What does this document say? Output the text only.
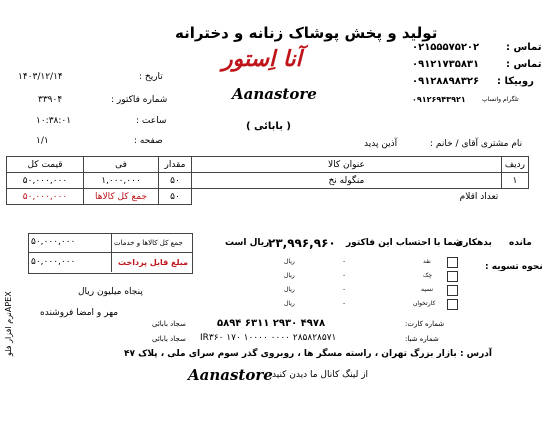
تولید و پخش پوشاک زنانه و دخترانه
آنا اِستور
Aanastore
( بابائی )
۰۲۱۵۵۵۷۵۲۰۲	تماس :
۰۹۱۲۱۷۳۵۸۳۱	تماس :
۰۹۱۲۸۸۹۸۳۲۶ روبیکا :
۰۹۱۲۶۹۴۳۹۲۱	تلگرام واتساپ
۱۴۰۳/۱۲/۱۴	تاریخ :
۳۳۹۰۴	شماره فاکتور :
۱۰:۳۸:۰۱	ساعت :
۱/۱	صفحه :	نام مشتری آقای / خانم :
آذین پدید
ردیف	عنوان کالا	مقدار	فی	قیمت کل
۱	منگوله نخ	۵۰	۱,۰۰۰,۰۰۰	۵۰,۰۰۰,۰۰۰
	تعداد اقلام	۵۰	جمع کل کالاها	۵۰,۰۰۰,۰۰۰
۵۰,۰۰۰,۰۰۰	جمع کل کالاها و خدمات
۵۰,۰۰۰,۰۰۰	مبلغ قابل پرداخت
پنجاه میلیون ریال
مهر و امضا فروشنده
مانده
بدهکاری
شما با احتساب این فاکتور
۲۳,۹۹۶,۹۶۰
ریال است
نحوه تسویه :
نقد
-
ریال
چک
-
ریال
نسیه
-
ریال
کارتخوان
-
ریال
شماره کارت:
۵۸۹۴ ۶۳۱۱ ۲۹۳۰ ۴۹۷۸
سجاد بابائی
شماره شبا:
IR۳۶۰ ۱۷۰ ۱۰۰۰۰ ۰۰۰۰ ۲۸۵۸۲۸۵۷۱
سجاد بابائی
آدرس : بازار بزرگ تهران ، راسته مسگر ها ، روبروی گذر سوم سرای ملی ، پلاک ۴۷
Aanastore از لینگ کانال ما دیدن کنید
نرم افزار فلوAPEX
